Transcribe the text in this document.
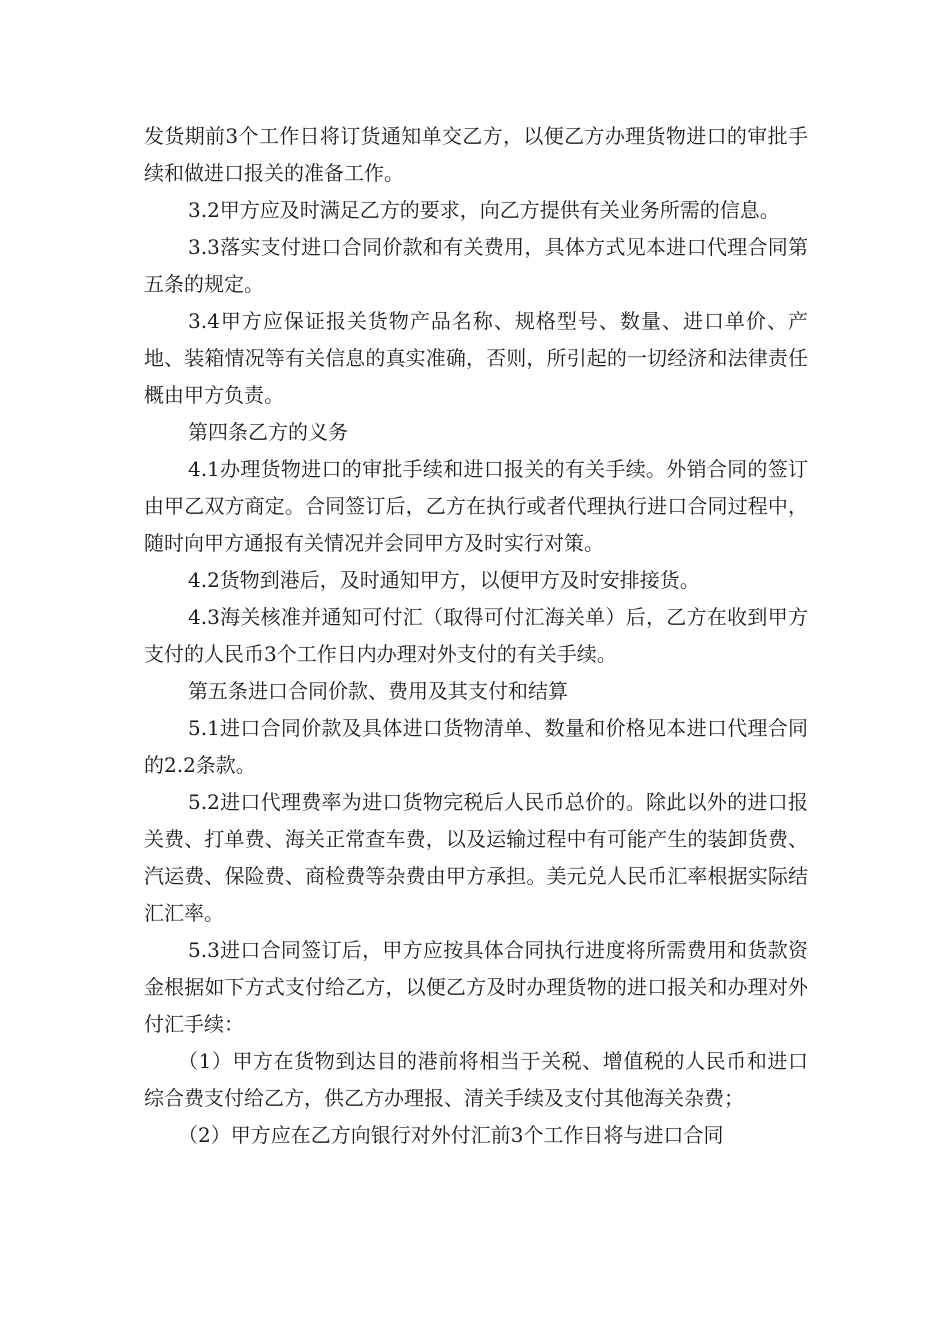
发货期前3个工作日将订货通知单交乙方，以便乙方办理货物进口的审批手续和做进口报关的准备工作。

3.2甲方应及时满足乙方的要求，向乙方提供有关业务所需的信息。

3.3落实支付进口合同价款和有关费用，具体方式见本进口代理合同第五条的规定。

3.4甲方应保证报关货物产品名称、规格型号、数量、进口单价、产地、装箱情况等有关信息的真实准确，否则，所引起的一切经济和法律责任概由甲方负责。

第四条乙方的义务

4.1办理货物进口的审批手续和进口报关的有关手续。外销合同的签订由甲乙双方商定。合同签订后，乙方在执行或者代理执行进口合同过程中，随时向甲方通报有关情况并会同甲方及时实行对策。

4.2货物到港后，及时通知甲方，以便甲方及时安排接货。

4.3海关核准并通知可付汇（取得可付汇海关单）后，乙方在收到甲方支付的人民币3个工作日内办理对外支付的有关手续。

第五条进口合同价款、费用及其支付和结算

5.1进口合同价款及具体进口货物清单、数量和价格见本进口代理合同的2.2条款。

5.2进口代理费率为进口货物完税后人民币总价的。除此以外的进口报关费、打单费、海关正常查车费，以及运输过程中有可能产生的装卸货费、汽运费、保险费、商检费等杂费由甲方承担。美元兑人民币汇率根据实际结汇汇率。

5.3进口合同签订后，甲方应按具体合同执行进度将所需费用和货款资金根据如下方式支付给乙方，以便乙方及时办理货物的进口报关和办理对外付汇手续：

（1）甲方在货物到达目的港前将相当于关税、增值税的人民币和进口综合费支付给乙方，供乙方办理报、清关手续及支付其他海关杂费；

（2）甲方应在乙方向银行对外付汇前3个工作日将与进口合同
